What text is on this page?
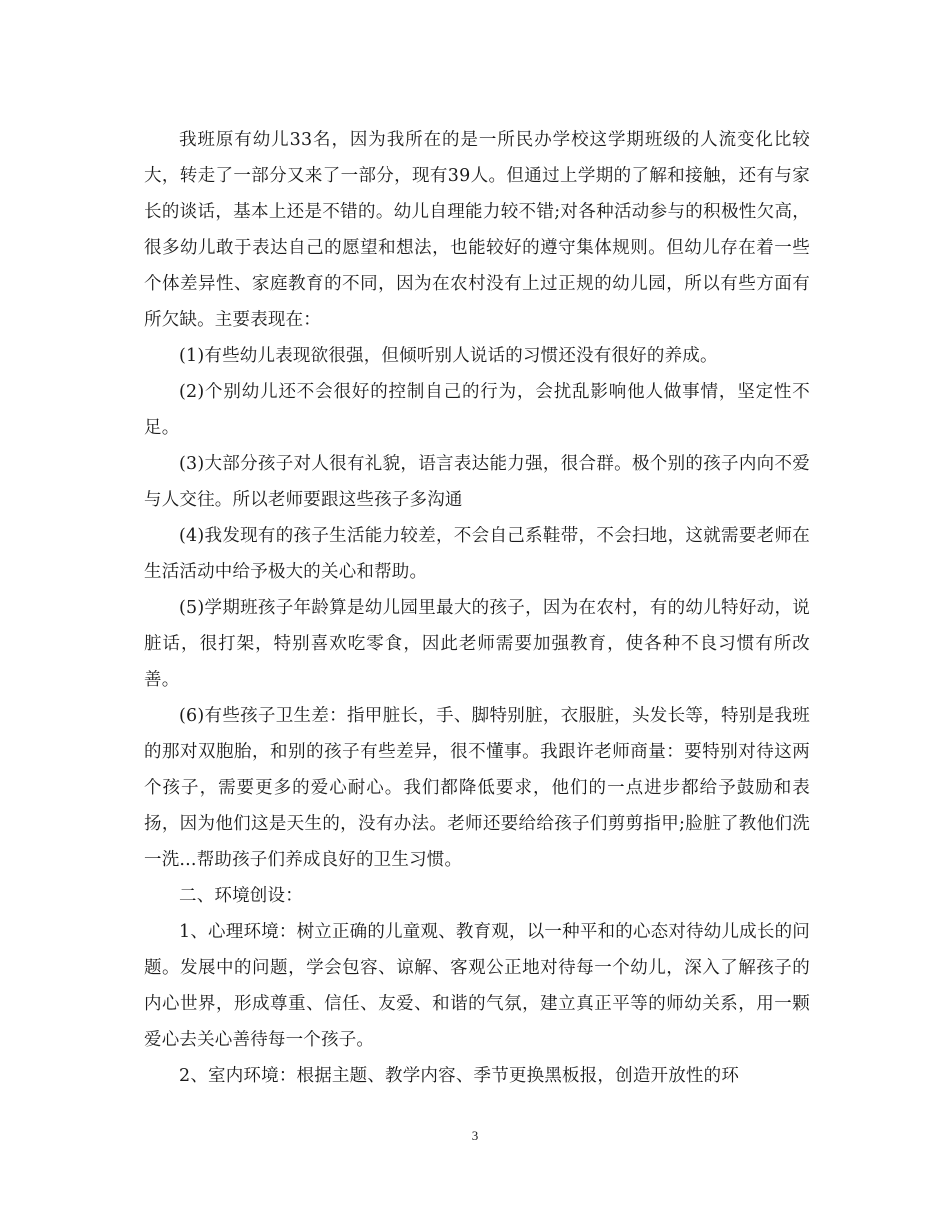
我班原有幼儿33名，因为我所在的是一所民办学校这学期班级的人流变化比较大，转走了一部分又来了一部分，现有39人。但通过上学期的了解和接触，还有与家长的谈话，基本上还是不错的。幼儿自理能力较不错;对各种活动参与的积极性欠高，很多幼儿敢于表达自己的愿望和想法，也能较好的遵守集体规则。但幼儿存在着一些个体差异性、家庭教育的不同，因为在农村没有上过正规的幼儿园，所以有些方面有所欠缺。主要表现在：

(1)有些幼儿表现欲很强，但倾听别人说话的习惯还没有很好的养成。

(2)个别幼儿还不会很好的控制自己的行为，会扰乱影响他人做事情，坚定性不足。

(3)大部分孩子对人很有礼貌，语言表达能力强，很合群。极个别的孩子内向不爱与人交往。所以老师要跟这些孩子多沟通

(4)我发现有的孩子生活能力较差，不会自己系鞋带，不会扫地，这就需要老师在生活活动中给予极大的关心和帮助。

(5)学期班孩子年龄算是幼儿园里最大的孩子，因为在农村，有的幼儿特好动，说脏话，很打架，特别喜欢吃零食，因此老师需要加强教育，使各种不良习惯有所改善。

(6)有些孩子卫生差：指甲脏长，手、脚特别脏，衣服脏，头发长等，特别是我班的那对双胞胎，和别的孩子有些差异，很不懂事。我跟许老师商量：要特别对待这两个孩子，需要更多的爱心耐心。我们都降低要求，他们的一点进步都给予鼓励和表扬，因为他们这是天生的，没有办法。老师还要给给孩子们剪剪指甲;脸脏了教他们洗一洗...帮助孩子们养成良好的卫生习惯。

二、环境创设：

1、心理环境：树立正确的儿童观、教育观，以一种平和的心态对待幼儿成长的问题。发展中的问题，学会包容、谅解、客观公正地对待每一个幼儿，深入了解孩子的内心世界，形成尊重、信任、友爱、和谐的气氛，建立真正平等的师幼关系，用一颗爱心去关心善待每一个孩子。

2、室内环境：根据主题、教学内容、季节更换黑板报，创造开放性的环

3
